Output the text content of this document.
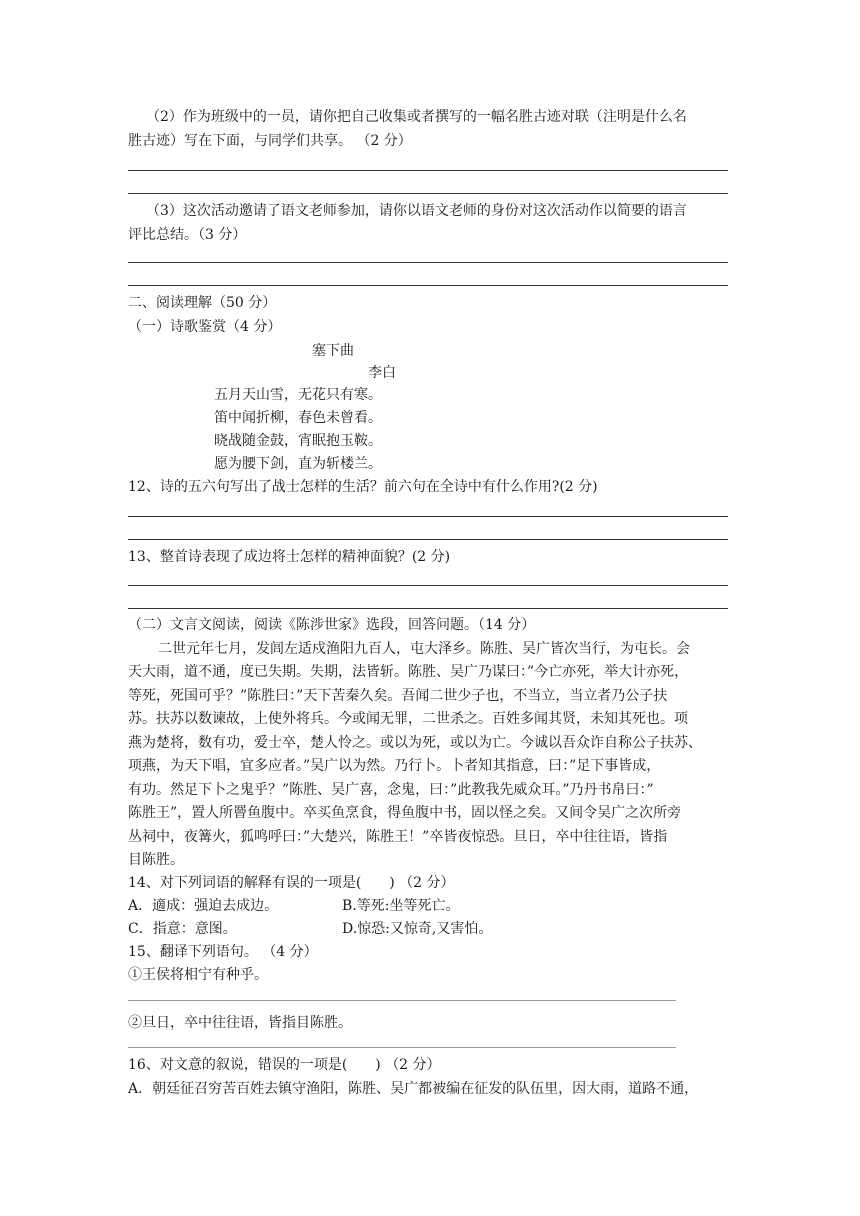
（2）作为班级中的一员，请你把自己收集或者撰写的一幅名胜古迹对联（注明是什么名
胜古迹）写在下面，与同学们共享。 （2 分）
（3）这次活动邀请了语文老师参加，请你以语文老师的身份对这次活动作以简要的语言
评比总结。（3 分）
二、阅读理解（50 分）
（一）诗歌鉴赏（4 分）
塞下曲
李白
五月天山雪，无花只有寒。
笛中闻折柳，春色未曾看。
晓战随金鼓，宵眠抱玉鞍。
愿为腰下剑，直为斩楼兰。
12、诗的五六句写出了战士怎样的生活？前六句在全诗中有什么作用?(2 分)
13、整首诗表现了成边将士怎样的精神面貌？(2 分)
（二）文言文阅读，阅读《陈涉世家》选段，回答问题。（14 分）
二世元年七月，发闾左适戍渔阳九百人，屯大泽乡。陈胜、吴广皆次当行，为屯长。会
天大雨，道不通，度已失期。失期，法皆斩。陈胜、吴广乃谋曰：”今亡亦死，举大计亦死，
等死，死国可乎？”陈胜曰：”天下苦秦久矣。吾闻二世少子也，不当立，当立者乃公子扶
苏。扶苏以数谏故，上使外将兵。今或闻无罪，二世杀之。百姓多闻其贤，未知其死也。项
燕为楚将，数有功，爱士卒，楚人怜之。或以为死，或以为亡。今诚以吾众诈自称公子扶苏、
项燕，为天下唱，宜多应者。”吴广以为然。乃行卜。卜者知其指意，曰：”足下事皆成，
有功。然足下卜之鬼乎？”陈胜、吴广喜，念鬼，曰：”此教我先威众耳。”乃丹书帛曰：”
陈胜王”，置人所罾鱼腹中。卒买鱼烹食，得鱼腹中书，固以怪之矣。又间令吴广之次所旁
丛祠中，夜篝火，狐鸣呼曰：”大楚兴，陈胜王！”卒皆夜惊恐。旦日，卒中往往语，皆指
目陈胜。
14、对下列词语的解释有误的一项是(　　) （2 分）
A．適成：强迫去成边。	B.等死:坐等死亡。
C．指意：意图。	D.惊恐:又惊奇,又害怕。
15、翻译下列语句。 （4 分）
①王侯将相宁有种乎。
②旦日，卒中往往语，皆指目陈胜。
16、对文意的叙说，错误的一项是(　　) （2 分）
A．朝廷征召穷苦百姓去镇守渔阳，陈胜、吴广都被编在征发的队伍里，因大雨，道路不通，
